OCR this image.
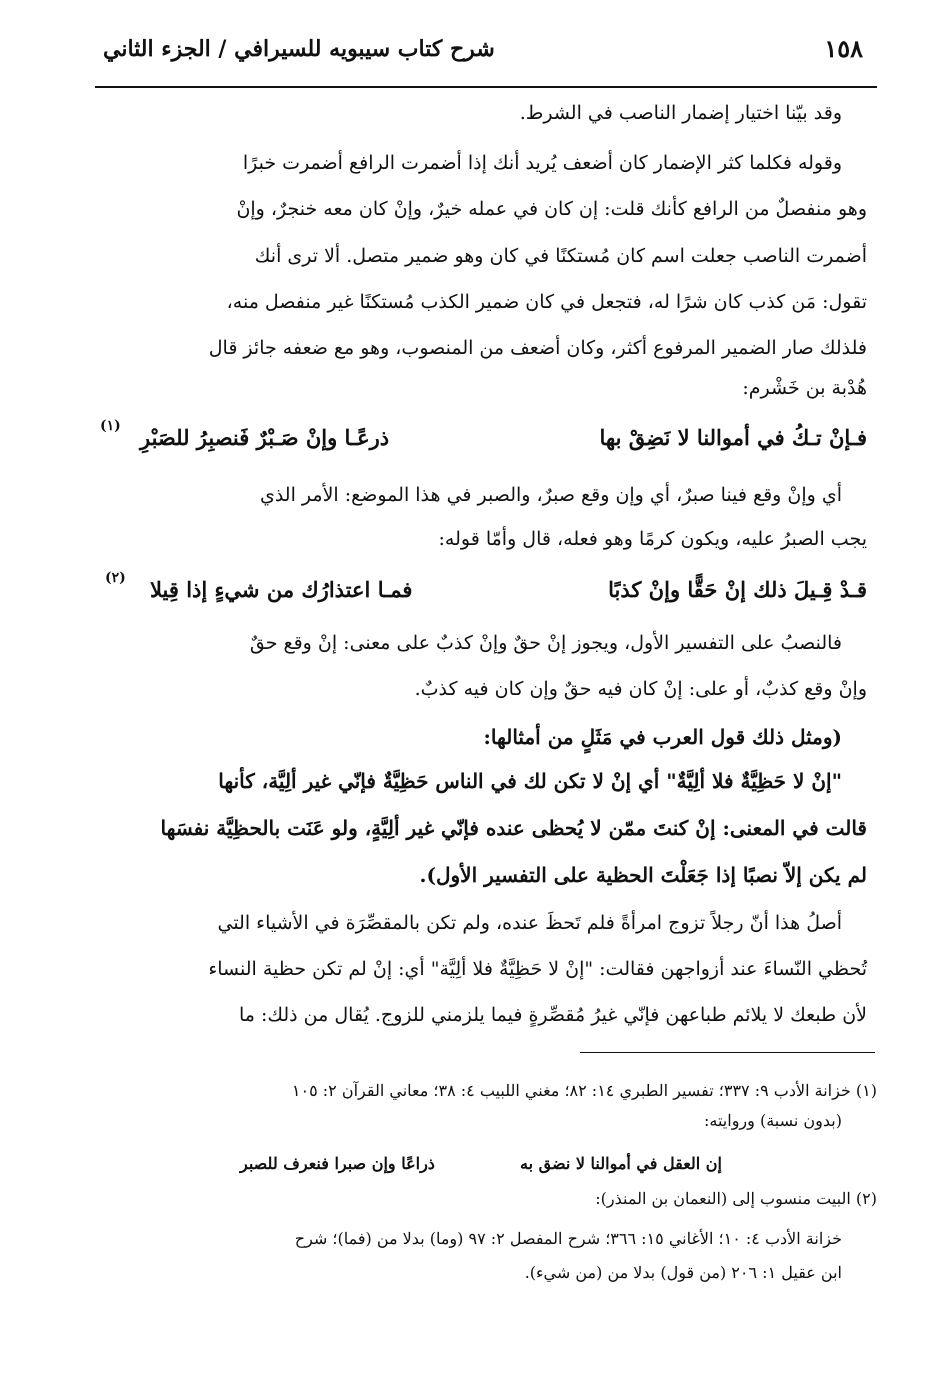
١٥٨
شرح كتاب سيبويه للسيرافي / الجزء الثاني
وقد بيّنا اختيار إضمار الناصب في الشرط.
وقوله فكلما كثر الإضمار كان أضعف يُريد أنك إذا أضمرت الرافع أضمرت خبرًا
وهو منفصلٌ من الرافع كأنك قلت: إن كان في عمله خيرٌ، وإنْ كان معه خنجرٌ، وإنْ
أضمرت الناصب جعلت اسم كان مُستكنًا في كان وهو ضمير متصل. ألا ترى أنك
تقول: مَن كذب كان شرًا له، فتجعل في كان ضمير الكذب مُستكنًا غير منفصل منه،
فلذلك صار الضمير المرفوع أكثر، وكان أضعف من المنصوب، وهو مع ضعفه جائز قال
هُدْبة بن خَشْرم:
فـإنْ تـكُ في أموالنا لا نَضِقْ بها
ذرعًـا وإنْ صَـبْرٌ فَنصبِرُ للصَبْرِ
(١)
أي وإنْ وقع فينا صبرٌ، أي وإن وقع صبرٌ، والصبر في هذا الموضع: الأمر الذي
يجب الصبرُ عليه، ويكون كرمًا وهو فعله، قال وأمّا قوله:
قـدْ قِـيلَ ذلك إنْ حَقًّا وإنْ كذبًا
فمـا اعتذارُك من شيءٍ إذا قِيلا
(٢)
فالنصبُ على التفسير الأول، ويجوز إنْ حقٌ وإنْ كذبٌ على معنى: إنْ وقع حقٌ
وإنْ وقع كذبٌ، أو على: إنْ كان فيه حقٌ وإن كان فيه كذبٌ.
(ومثل ذلك قول العرب في مَثَلٍ من أمثالها:
"إنْ لا حَظِيَّةٌ فلا ألِيَّةٌ" أي إنْ لا تكن لك في الناس حَظِيَّةٌ فإنّي غير ألِيَّة، كأنها
قالت في المعنى: إنْ كنتَ ممّن لا يُحظى عنده فإنّي غير ألِيَّةٍ، ولو عَنَت بالحظِيَّة نفسَها
لم يكن إلاّ نصبًا إذا جَعَلْتَ الحظية على التفسير الأول).
أصلُ هذا أنّ رجلاً تزوج امرأةً فلم تَحظَ عنده، ولم تكن بالمقصِّرَة في الأشياء التي
تُحظي النّساءَ عند أزواجهن فقالت: "إنْ لا حَظِيَّةٌ فلا ألِيَّة" أي: إنْ لم تكن حظية النساء
لأن طبعك لا يلائم طباعهن فإنّي غيرُ مُقصِّرةٍ فيما يلزمني للزوج. يُقال من ذلك: ما
(١) خزانة الأدب ٩: ٣٣٧؛ تفسير الطبري ١٤: ٨٢؛ مغني اللبيب ٤: ٣٨؛ معاني القرآن ٢: ١٠٥
(بدون نسبة) وروايته:
إن العقل في أموالنا لا نضق به
ذراعًا وإن صبرا فنعرف للصبر
(٢) البيت منسوب إلى (النعمان بن المنذر):
خزانة الأدب ٤: ١٠؛ الأغاني ١٥: ٣٦٦؛ شرح المفصل ٢: ٩٧ (وما) بدلا من (فما)؛ شرح
ابن عقيل ١: ٢٠٦ (من قول) بدلا من (من شيء).
